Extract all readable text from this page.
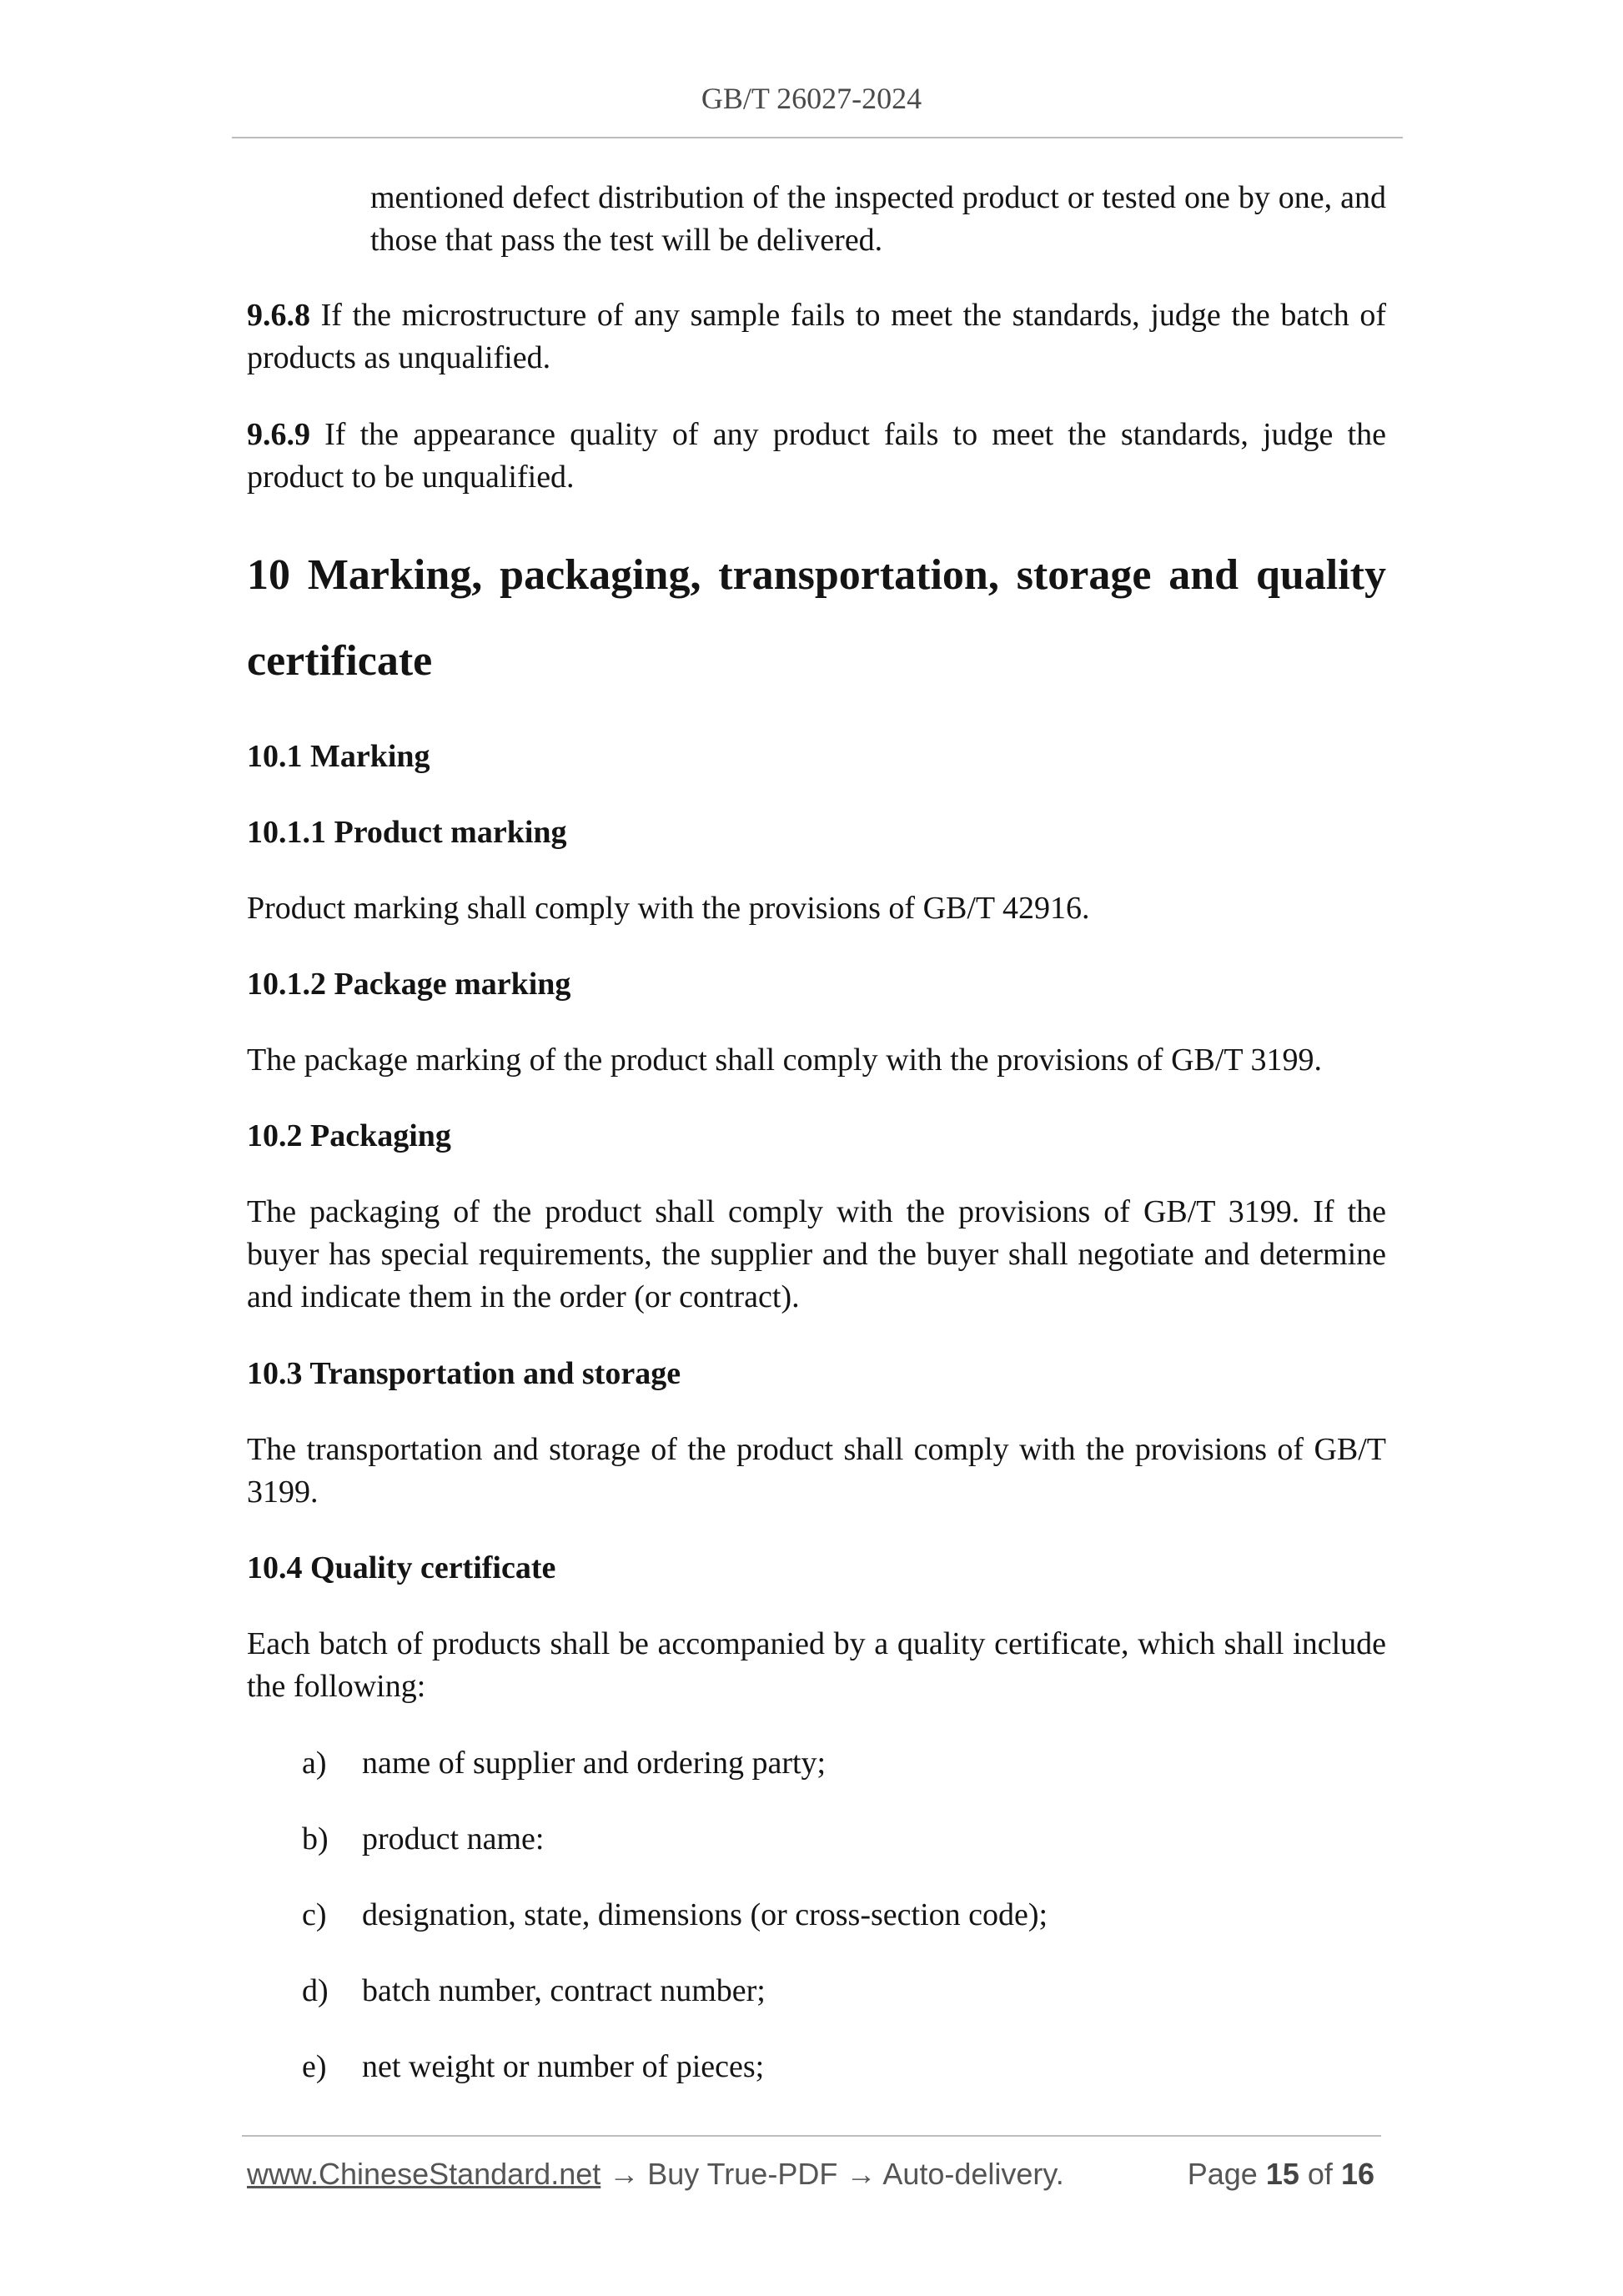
GB/T 26027-2024
mentioned defect distribution of the inspected product or tested one by one, and those that pass the test will be delivered.
9.6.8 If the microstructure of any sample fails to meet the standards, judge the batch of products as unqualified.
9.6.9 If the appearance quality of any product fails to meet the standards, judge the product to be unqualified.
10 Marking, packaging, transportation, storage and quality certificate
10.1 Marking
10.1.1 Product marking
Product marking shall comply with the provisions of GB/T 42916.
10.1.2 Package marking
The package marking of the product shall comply with the provisions of GB/T 3199.
10.2 Packaging
The packaging of the product shall comply with the provisions of GB/T 3199. If the buyer has special requirements, the supplier and the buyer shall negotiate and determine and indicate them in the order (or contract).
10.3 Transportation and storage
The transportation and storage of the product shall comply with the provisions of GB/T 3199.
10.4 Quality certificate
Each batch of products shall be accompanied by a quality certificate, which shall include the following:
a) name of supplier and ordering party;
b) product name:
c) designation, state, dimensions (or cross-section code);
d) batch number, contract number;
e) net weight or number of pieces;
www.ChineseStandard.net → Buy True-PDF → Auto-delivery.	Page 15 of 16
